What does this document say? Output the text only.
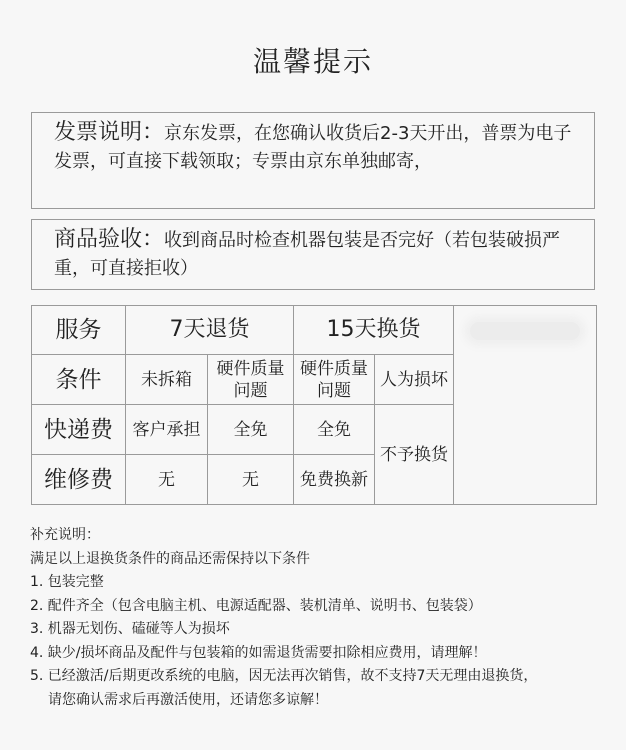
温馨提示
发票说明：京东发票，在您确认收货后2-3天开出，普票为电子发票，可直接下载领取；专票由京东单独邮寄，
商品验收：收到商品时检查机器包装是否完好（若包装破损严重，可直接拒收）
服务	7天退货		15天换货		
条件	未拆箱	硬件质量问题	硬件质量问题	人为损坏	
快递费	客户承担	全免	全免	不予换货	
维修费	无	无	免费换新		
补充说明：
满足以上退换货条件的商品还需保持以下条件
1. 包装完整
2. 配件齐全（包含电脑主机、电源适配器、装机清单、说明书、包装袋）
3. 机器无划伤、磕碰等人为损坏
4. 缺少/损坏商品及配件与包装箱的如需退货需要扣除相应费用，请理解！
5. 已经激活/后期更改系统的电脑，因无法再次销售，故不支持7天无理由退换货，
请您确认需求后再激活使用，还请您多谅解！
